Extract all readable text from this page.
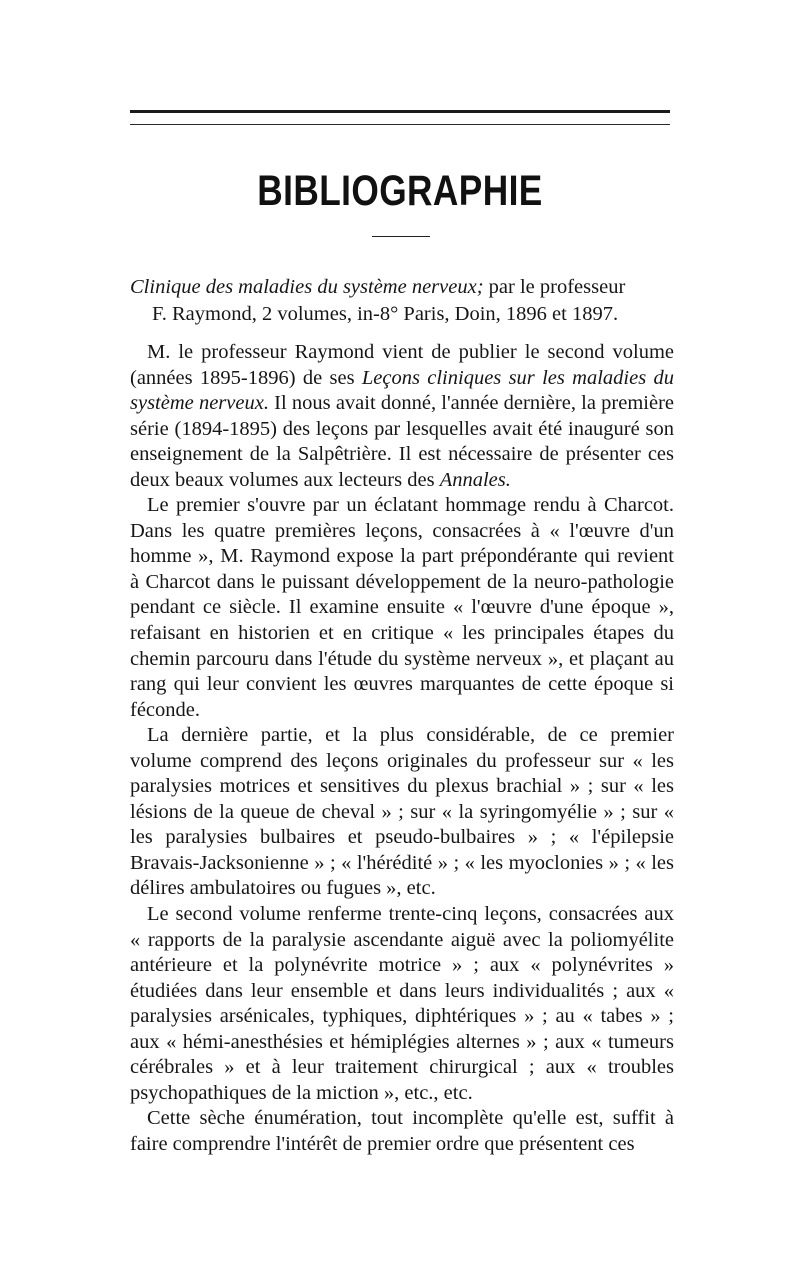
BIBLIOGRAPHIE

Clinique des maladies du système nerveux; par le professeur
F. Raymond, 2 volumes, in-8° Paris, Doin, 1896 et 1897.

M. le professeur Raymond vient de publier le second volume (années 1895-1896) de ses Leçons cliniques sur les maladies du système nerveux. Il nous avait donné, l'année dernière, la première série (1894-1895) des leçons par lesquelles avait été inauguré son enseignement de la Salpêtrière. Il est nécessaire de présenter ces deux beaux volumes aux lecteurs des Annales.

Le premier s'ouvre par un éclatant hommage rendu à Charcot. Dans les quatre premières leçons, consacrées à « l'œuvre d'un homme », M. Raymond expose la part prépondérante qui revient à Charcot dans le puissant développement de la neuro-pathologie pendant ce siècle. Il examine ensuite « l'œuvre d'une époque », refaisant en historien et en critique « les principales étapes du chemin parcouru dans l'étude du système nerveux », et plaçant au rang qui leur convient les œuvres marquantes de cette époque si féconde.

La dernière partie, et la plus considérable, de ce premier volume comprend des leçons originales du professeur sur « les paralysies motrices et sensitives du plexus brachial » ; sur « les lésions de la queue de cheval » ; sur « la syringomyélie » ; sur « les paralysies bulbaires et pseudo-bulbaires » ; « l'épilepsie Bravais-Jacksonienne » ; « l'hérédité » ; « les myoclonies » ; « les délires ambulatoires ou fugues », etc.

Le second volume renferme trente-cinq leçons, consacrées aux « rapports de la paralysie ascendante aiguë avec la poliomyélite antérieure et la polynévrite motrice » ; aux « polynévrites » étudiées dans leur ensemble et dans leurs individualités ; aux « paralysies arsénicales, typhiques, diphtériques » ; au « tabes » ; aux « hémi-anesthésies et hémiplégies alternes » ; aux « tumeurs cérébrales » et à leur traitement chirurgical ; aux « troubles psychopathiques de la miction », etc., etc.

Cette sèche énumération, tout incomplète qu'elle est, suffit à faire comprendre l'intérêt de premier ordre que présentent ces
